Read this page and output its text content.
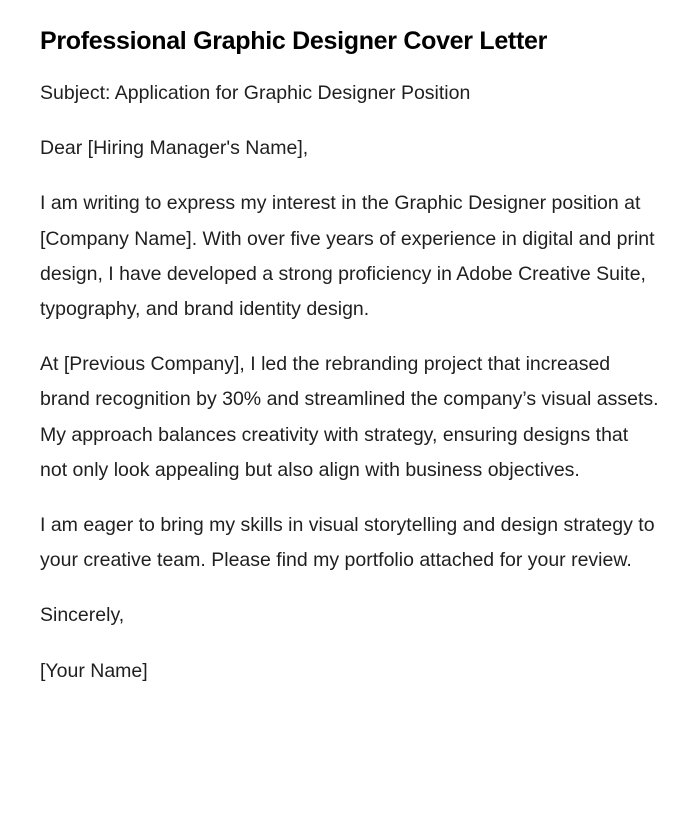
Professional Graphic Designer Cover Letter

Subject: Application for Graphic Designer Position

Dear [Hiring Manager's Name],

I am writing to express my interest in the Graphic Designer position at [Company Name]. With over five years of experience in digital and print design, I have developed a strong proficiency in Adobe Creative Suite, typography, and brand identity design.

At [Previous Company], I led the rebranding project that increased brand recognition by 30% and streamlined the company’s visual assets. My approach balances creativity with strategy, ensuring designs that not only look appealing but also align with business objectives.

I am eager to bring my skills in visual storytelling and design strategy to your creative team. Please find my portfolio attached for your review.

Sincerely,

[Your Name]
